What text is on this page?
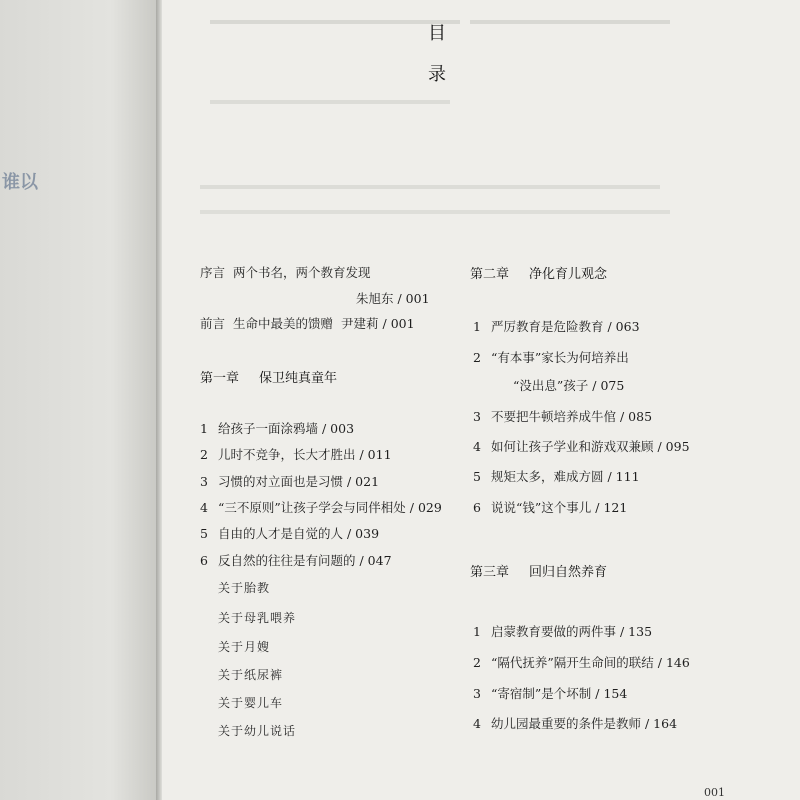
谁以
目
录
序言 两个书名，两个教育发现
朱旭东 / 001
前言 生命中最美的馈赠 尹建莉 / 001
第一章 保卫纯真童年
1 给孩子一面涂鸦墙 / 003
2 儿时不竞争，长大才胜出 / 011
3 习惯的对立面也是习惯 / 021
4 “三不原则”让孩子学会与同伴相处 / 029
5 自由的人才是自觉的人 / 039
6 反自然的往往是有问题的 / 047
关于胎教
关于母乳喂养
关于月嫂
关于纸尿裤
关于婴儿车
关于幼儿说话
第二章 净化育儿观念
1 严厉教育是危险教育 / 063
2 “有本事”家长为何培养出
“没出息”孩子 / 075
3 不要把牛顿培养成牛倌 / 085
4 如何让孩子学业和游戏双兼顾 / 095
5 规矩太多，难成方圆 / 111
6 说说“钱”这个事儿 / 121
第三章 回归自然养育
1 启蒙教育要做的两件事 / 135
2 “隔代抚养”隔开生命间的联结 / 146
3 “寄宿制”是个坏制 / 154
4 幼儿园最重要的条件是教师 / 164
001
